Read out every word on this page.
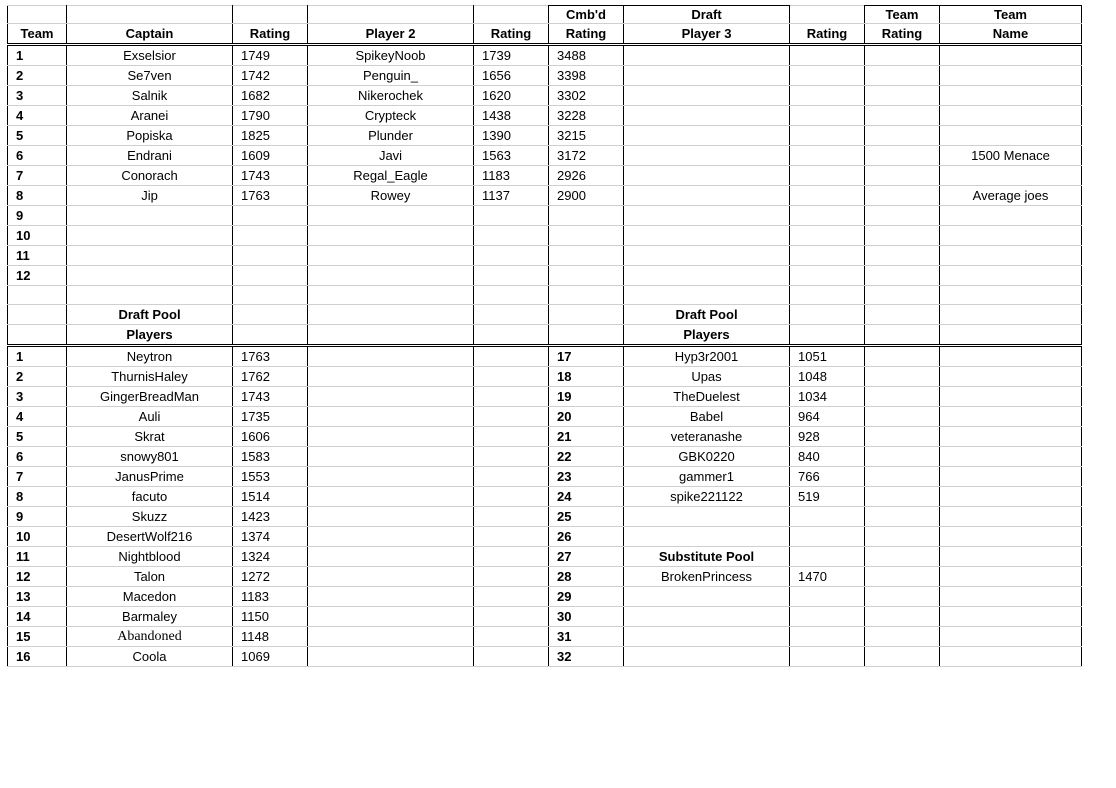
					Cmb'd	Draft		Team	Team
Team	Captain	Rating	Player 2	Rating	Rating	Player 3	Rating	Rating	Name
1	Exselsior	1749	SpikeyNoob	1739	3488				
2	Se7ven	1742	Penguin_	1656	3398				
3	Salnik	1682	Nikerochek	1620	3302				
4	Aranei	1790	Crypteck	1438	3228				
5	Popiska	1825	Plunder	1390	3215				
6	Endrani	1609	Javi	1563	3172				1500 Menace
7	Conorach	1743	Regal_Eagle	1183	2926				
8	Jip	1763	Rowey	1137	2900				Average joes
9									
10									
11									
12									

	Draft Pool					Draft Pool			
	Players					Players			
1	Neytron	1763			17	Hyp3r2001	1051		
2	ThurnisHaley	1762			18	Upas	1048		
3	GingerBreadMan	1743			19	TheDuelest	1034		
4	Auli	1735			20	Babel	964		
5	Skrat	1606			21	veteranashe	928		
6	snowy801	1583			22	GBK0220	840		
7	JanusPrime	1553			23	gammer1	766		
8	facuto	1514			24	spike221122	519		
9	Skuzz	1423			25				
10	DesertWolf216	1374			26				
11	Nightblood	1324			27	Substitute Pool			
12	Talon	1272			28	BrokenPrincess	1470		
13	Macedon	1183			29				
14	Barmaley	1150			30				
15	Abandoned	1148			31				
16	Coola	1069			32				
